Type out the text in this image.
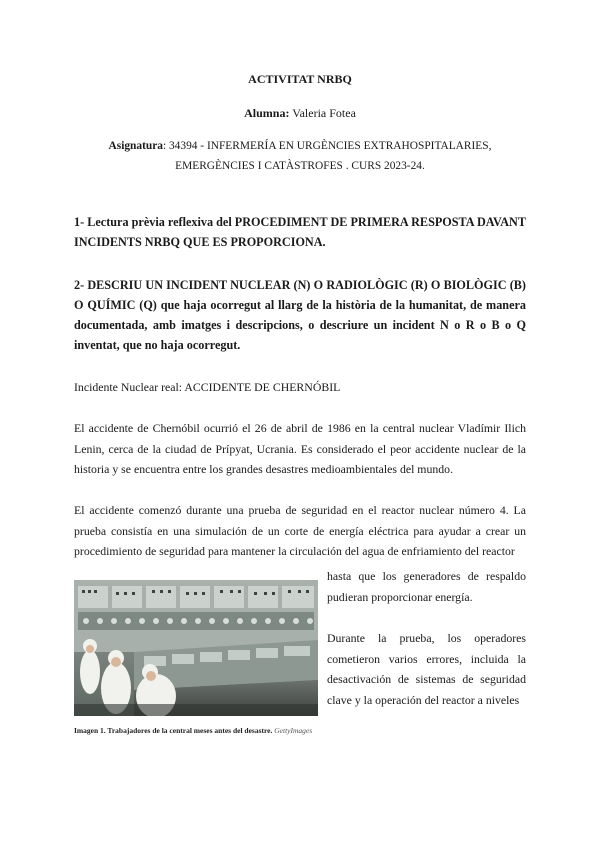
ACTIVITAT NRBQ
Alumna: Valeria Fotea
Asignatura: 34394 - INFERMERÍA EN URGÈNCIES EXTRAHOSPITALARIES, EMERGÈNCIES I CATÀSTROFES . CURS 2023-24.
1- Lectura prèvia reflexiva del PROCEDIMENT DE PRIMERA RESPOSTA DAVANT INCIDENTS NRBQ QUE ES PROPORCIONA.
2- DESCRIU UN INCIDENT NUCLEAR (N) O RADIOLÒGIC (R) O BIOLÒGIC (B) O QUÍMIC (Q) que haja ocorregut al llarg de la història de la humanitat, de manera documentada, amb imatges i descripcions, o descriure un incident N o R o B o Q inventat, que no haja ocorregut.
Incidente Nuclear real: ACCIDENTE DE CHERNÓBIL
El accidente de Chernóbil ocurrió el 26 de abril de 1986 en la central nuclear Vladímir Ilich Lenin, cerca de la ciudad de Prípyat, Ucrania. Es considerado el peor accidente nuclear de la historia y se encuentra entre los grandes desastres medioambientales del mundo.
El accidente comenzó durante una prueba de seguridad en el reactor nuclear número 4. La prueba consistía en una simulación de un corte de energía eléctrica para ayudar a crear un procedimiento de seguridad para mantener la circulación del agua de enfriamiento del reactor
hasta que los generadores de respaldo pudieran proporcionar energía.
Durante la prueba, los operadores cometieron varios errores, incluida la desactivación de sistemas de seguridad clave y la operación del reactor a niveles
Imagen 1. Trabajadores de la central meses antes del desastre. GettyImages
